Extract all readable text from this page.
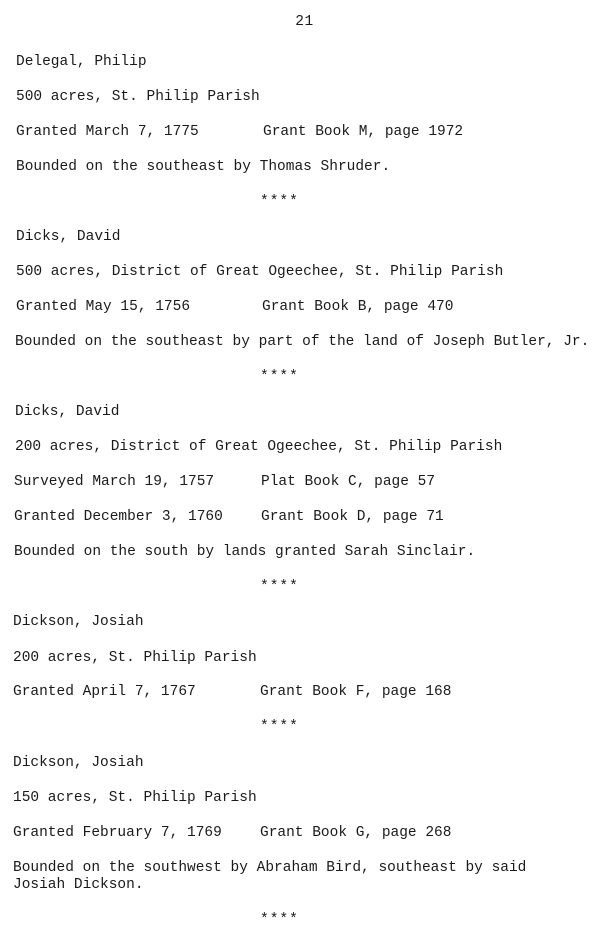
21
Delegal, Philip
500 acres, St. Philip Parish
Granted March 7, 1775	Grant Book M, page 1972
Bounded on the southeast by Thomas Shruder.
****
Dicks, David
500 acres, District of Great Ogeechee, St. Philip Parish
Granted May 15, 1756	Grant Book B, page 470
Bounded on the southeast by part of the land of Joseph Butler, Jr.
****
Dicks, David
200 acres, District of Great Ogeechee, St. Philip Parish
Surveyed March 19, 1757	Plat Book C, page 57
Granted December 3, 1760	Grant Book D, page 71
Bounded on the south by lands granted Sarah Sinclair.
****
Dickson, Josiah
200 acres, St. Philip Parish
Granted April 7, 1767	Grant Book F, page 168
****
Dickson, Josiah
150 acres, St. Philip Parish
Granted February 7, 1769	Grant Book G, page 268
Bounded on the southwest by Abraham Bird, southeast by said
Josiah Dickson.
****
